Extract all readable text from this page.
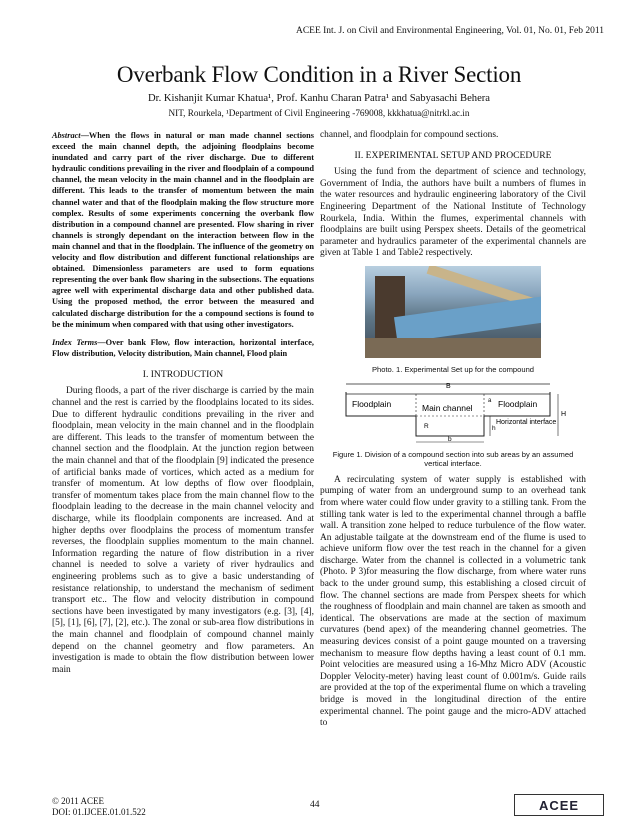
ACEE Int. J. on Civil and Environmental Engineering, Vol. 01, No. 01, Feb 2011
Overbank Flow Condition in a River Section
Dr. Kishanjit Kumar Khatua¹, Prof. Kanhu Charan Patra¹ and Sabyasachi Behera
NIT, Rourkela, ¹Department of Civil Engineering -769008, kkkhatua@nitrkl.ac.in

Abstract—When the flows in natural or man made channel sections exceed the main channel depth, the adjoining floodplains become inundated and carry part of the river discharge. Due to different hydraulic conditions prevailing in the river and floodplain of a compound channel, the mean velocity in the main channel and in the floodplain are different. This leads to the transfer of momentum between the main channel water and that of the floodplain making the flow structure more complex. Results of some experiments concerning the overbank flow distribution in a compound channel are presented. Flow sharing in river channels is strongly dependant on the interaction between flow in the main channel and that in the floodplain. The influence of the geometry on velocity and flow distribution and different functional relationships are obtained. Dimensionless parameters are used to form equations representing the over bank flow sharing in the subsections. The equations agree well with experimental discharge data and other published data. Using the proposed method, the error between the measured and calculated discharge distribution for the a compound sections is found to be the minimum when compared with that using other investigators.

Index Terms—Over bank Flow, flow interaction, horizontal interface, Flow distribution, Velocity distribution, Main channel, Flood plain

I. INTRODUCTION

During floods, a part of the river discharge is carried by the main channel and the rest is carried by the floodplains located to its sides. Due to different hydraulic conditions prevailing in the river and floodplain, mean velocity in the main channel and in the floodplain are different. This leads to the transfer of momentum between the channel section and the floodplain. At the junction region between the main channel and that of the floodplain [9] indicated the presence of artificial banks made of vortices, which acted as a medium for transfer of momentum. At low depths of flow over floodplain, transfer of momentum takes place from the main channel flow to the floodplain leading to the decrease in the main channel velocity and discharge, while its floodplain components are increased. And at higher depths over floodplains the process of momentum transfer reverses, the floodplain supplies momentum to the main channel. Information regarding the nature of flow distribution in a river channel is needed to solve a variety of river hydraulics and engineering problems such as to give a basic understanding of resistance relationship, to understand the mechanism of sediment transport etc.. The flow and velocity distribution in compound sections have been investigated by many investigators (e.g. [3], [4], [5], [1], [6], [7], [2], etc.). The zonal or sub-area flow distributions in the main channel and floodplain of compound channel mainly depend on the channel geometry and flow parameters. An investigation is made to obtain the flow distribution between lower main

channel, and floodplain for compound sections.

II. EXPERIMENTAL SETUP AND PROCEDURE

Using the fund from the department of science and technology, Government of India, the authors have built a numbers of flumes in the water resources and hydraulic engineering laboratory of the Civil Engineering Department of the National Institute of Technology Rourkela, India. Within the flumes, experimental channels with floodplains are built using Perspex sheets. Details of the geometrical parameter and hydraulics parameter of the experimental channels are given at Table 1 and Table2 respectively.

Photo. 1. Experimental Set up for the compound
B
Floodplain	Floodplain
Main channel
a
H
h
R
Horizontal interface
b
Figure 1. Division of a compound section into sub areas by an assumed vertical interface.

A recirculating system of water supply is established with pumping of water from an underground sump to an overhead tank from where water could flow under gravity to a stilling tank. From the stilling tank water is led to the experimental channel through a baffle wall. A transition zone helped to reduce turbulence of the flow water. An adjustable tailgate at the downstream end of the flume is used to achieve uniform flow over the test reach in the channel for a given discharge. Water from the channel is collected in a volumetric tank (Photo. P 3)for measuring the flow discharge, from where water runs back to the under ground sump, this establishing a closed circuit of flow. The channel sections are made from Perspex sheets for which the roughness of floodplain and main channel are taken as smooth and identical. The observations are made at the section of maximum curvatures (bend apex) of the meandering channel geometries. The measuring devices consist of a point gauge mounted on a traversing mechanism to measure flow depths having a least count of 0.1 mm. Point velocities are measured using a 16-Mhz Micro ADV (Acoustic Doppler Velocity-meter) having least count of 0.001m/s. Guide rails are provided at the top of the experimental flume on which a traveling bridge is moved in the longitudinal direction of the entire experimental channel. The point gauge and the micro-ADV attached to

© 2011 ACEE
DOI: 01.IJCEE.01.01.522
44	ACEE
